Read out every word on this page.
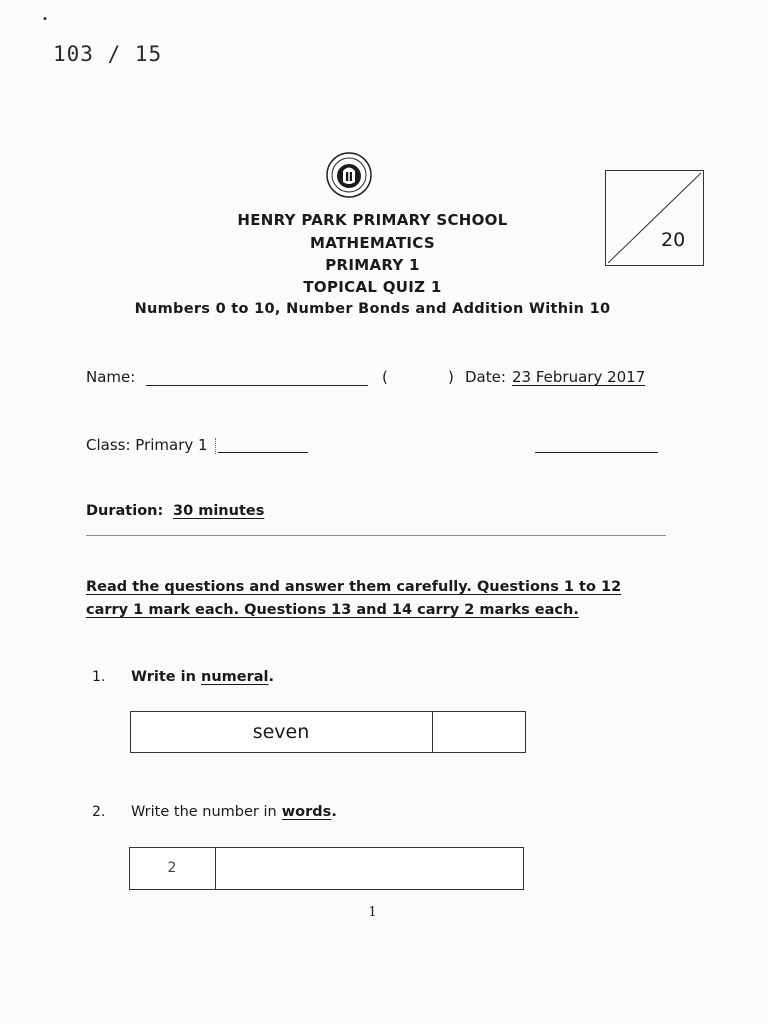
•
103 / 15
20
HENRY PARK PRIMARY SCHOOL
MATHEMATICS
PRIMARY 1
TOPICAL QUIZ 1
Numbers 0 to 10, Number Bonds and Addition Within 10
Name:	(	) Date: 23 February 2017
Class: Primary 1
Duration: 30 minutes
Read the questions and answer them carefully. Questions 1 to 12
carry 1 mark each. Questions 13 and 14 carry 2 marks each.
1. Write in numeral.
seven
2. Write the number in words.
2
1
